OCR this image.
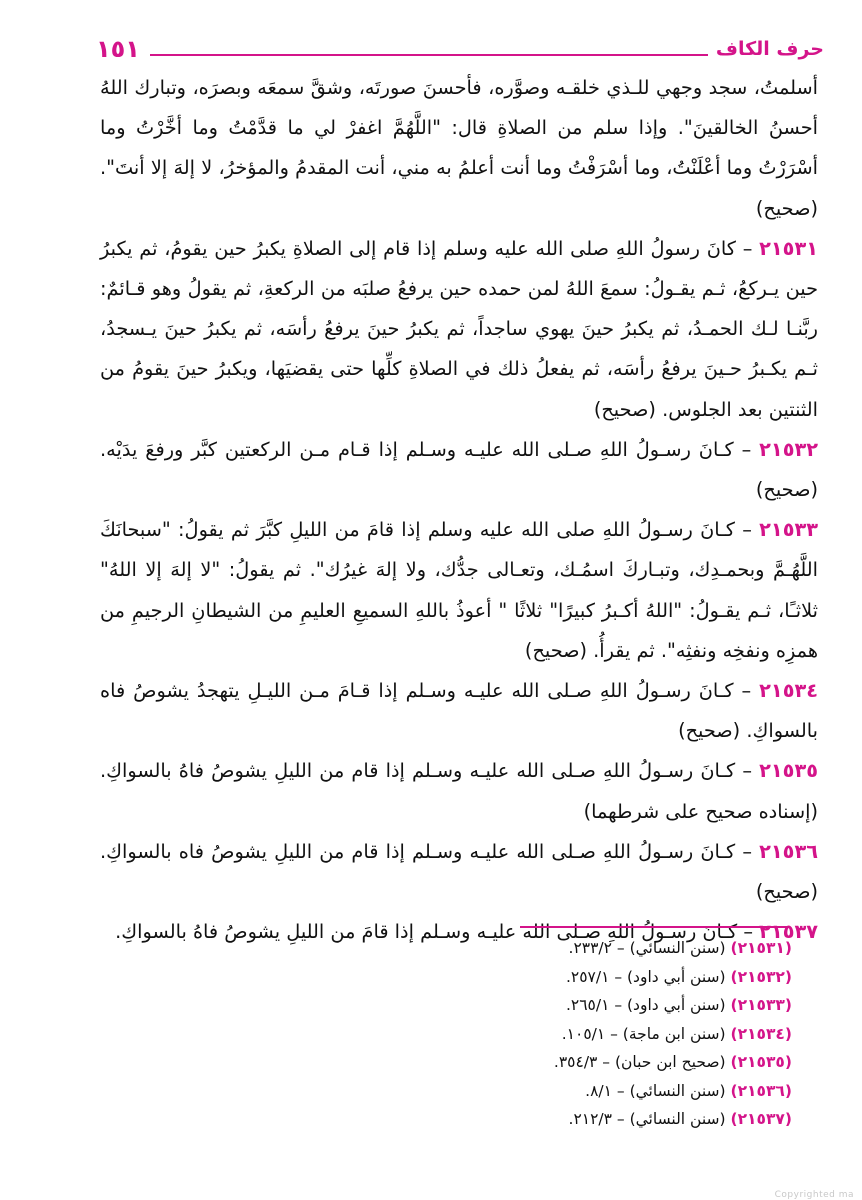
١٥١	حرف الكاف

أسلمتُ، سجد وجهي للـذي خلقـه وصوَّره، فأحسنَ صورتَه، وشقَّ سمعَه وبصرَه، وتبارك اللهُ أحسنُ الخالقينَ". وإذا سلم من الصلاةِ قال: "اللَّهُمَّ اغفرْ لي ما قدَّمْتُ وما أخَّرْتُ وما أسْرَرْتُ وما أعْلَنْتُ، وما أسْرَفْتُ وما أنت أعلمُ به مني، أنت المقدمُ والمؤخرُ، لا إلهَ إلا أنتَ". (صحيح)

٢١٥٣١ – كانَ رسولُ اللهِ صلى الله عليه وسلم إذا قام إلى الصلاةِ يكبرُ حين يقومُ، ثم يكبرُ حين يـركعُ، ثـم يقـولُ: سمعَ اللهُ لمن حمده حين يرفعُ صلبَه من الركعةِ، ثم يقولُ وهو قـائمٌ: ربَّنـا لـك الحمـدُ، ثم يكبرُ حينَ يهوي ساجداً، ثم يكبرُ حينَ يرفعُ رأسَه، ثم يكبرُ حينَ يـسجدُ، ثـم يكـبرُ حـينَ يرفعُ رأسَه، ثم يفعلُ ذلك في الصلاةِ كلِّها حتى يقضيَها، ويكبرُ حينَ يقومُ من الثنتين بعد الجلوس. (صحيح)

٢١٥٣٢ – كـانَ رسـولُ اللهِ صـلى الله عليـه وسـلم إذا قـام مـن الركعتين كبَّر ورفعَ يدَيْه. (صحيح)

٢١٥٣٣ – كـانَ رسـولُ اللهِ صلى الله عليه وسلم إذا قامَ من الليلِ كبَّرَ ثم يقولُ: "سبحانَكَ اللَّهُـمَّ وبحمـدِك، وتبـاركَ اسمُـك، وتعـالى جدُّك، ولا إلهَ غيرُك". ثم يقولُ: "لا إلهَ إلا اللهُ" ثلاثـًا، ثـم يقـولُ: "اللهُ أكـبرُ كبيرًا" ثلاثًا " أعوذُ باللهِ السميعِ العليمِ من الشيطانِ الرجيمِ من همزِه ونفخِه ونفثِه". ثم يقرأُ. (صحيح)

٢١٥٣٤ – كـانَ رسـولُ اللهِ صـلى الله عليـه وسـلم إذا قـامَ مـن الليـلِ يتهجدُ يشوصُ فاه بالسواكِ. (صحيح)

٢١٥٣٥ – كـانَ رسـولُ اللهِ صـلى الله عليـه وسـلم إذا قام من الليلِ يشوصُ فاهُ بالسواكِ. (إسناده صحيح على شرطهما)

٢١٥٣٦ – كـانَ رسـولُ اللهِ صـلى الله عليـه وسـلم إذا قام من الليلِ يشوصُ فاه بالسواكِ. (صحيح)

٢١٥٣٧ – كـانَ رسـولُ اللهِ صـلى الله عليـه وسـلم إذا قامَ من الليلِ يشوصُ فاهُ بالسواكِ.

(٢١٥٣١) (سنن النسائي) – ٢٣٣/٢.

(٢١٥٣٢) (سنن أبي داود) – ٢٥٧/١.

(٢١٥٣٣) (سنن أبي داود) – ٢٦٥/١.

(٢١٥٣٤) (سنن ابن ماجة) – ١٠٥/١.

(٢١٥٣٥) (صحيح ابن حبان) – ٣٥٤/٣.

(٢١٥٣٦) (سنن النسائي) – ٨/١.

(٢١٥٣٧) (سنن النسائي) – ٢١٢/٣.

Copyrighted ma
